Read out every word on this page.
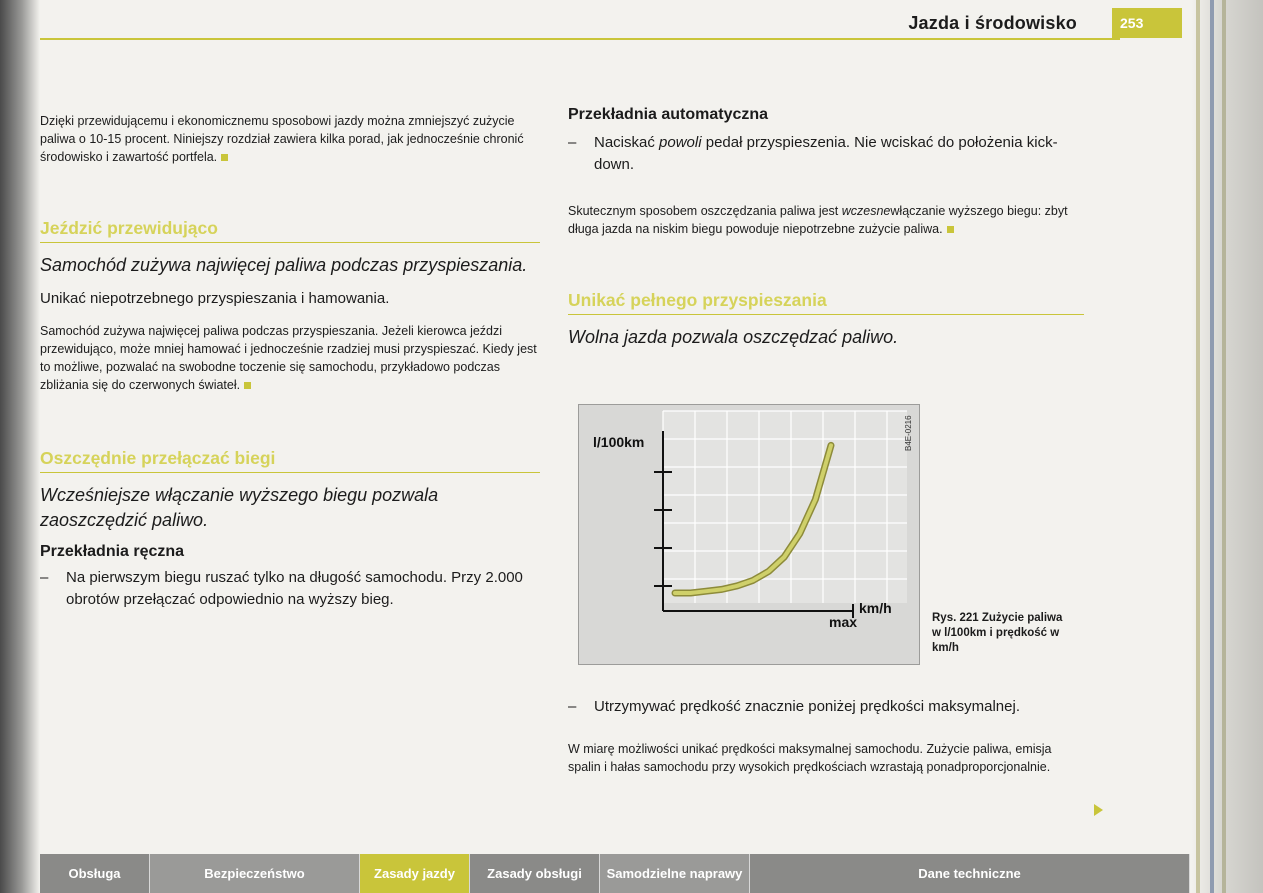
Jazda i środowisko	253

Dzięki przewidującemu i ekonomicznemu sposobowi jazdy można zmniejszyć zużycie paliwa o 10-15 procent. Niniejszy rozdział zawiera kilka porad, jak jednocześnie chronić środowisko i zawartość portfela.

Jeździć przewidująco

Samochód zużywa najwięcej paliwa podczas przyspieszania.

Unikać niepotrzebnego przyspieszania i hamowania.

Samochód zużywa najwięcej paliwa podczas przyspieszania. Jeżeli kierowca jeździ przewidująco, może mniej hamować i jednocześnie rzadziej musi przyspieszać. Kiedy jest to możliwe, pozwalać na swobodne toczenie się samochodu, przykładowo podczas zbliżania się do czerwonych świateł.

Oszczędnie przełączać biegi

Wcześniejsze włączanie wyższego biegu pozwala zaoszczędzić paliwo.

Przekładnia ręczna

– Na pierwszym biegu ruszać tylko na długość samochodu. Przy 2.000 obrotów przełączać odpowiednio na wyższy bieg.

Przekładnia automatyczna

– Naciskać powoli pedał przyspieszenia. Nie wciskać do położenia kick-down.

Skutecznym sposobem oszczędzania paliwa jest wczesnewłączanie wyższego biegu: zbyt długa jazda na niskim biegu powoduje niepotrzebne zużycie paliwa.

Unikać pełnego przyspieszania

Wolna jazda pozwala oszczędzać paliwo.

l/100km
km/h
max
B4E-0216
Rys. 221 Zużycie paliwa w l/100km i prędkość w km/h
– Utrzymywać prędkość znacznie poniżej prędkości maksymalnej.

W miarę możliwości unikać prędkości maksymalnej samochodu. Zużycie paliwa, emisja spalin i hałas samochodu przy wysokich prędkościach wzrastają ponadproporcjonalnie.

Obsługa	Bezpieczeństwo	Zasady jazdy	Zasady obsługi	Samodzielne naprawy	Dane techniczne
